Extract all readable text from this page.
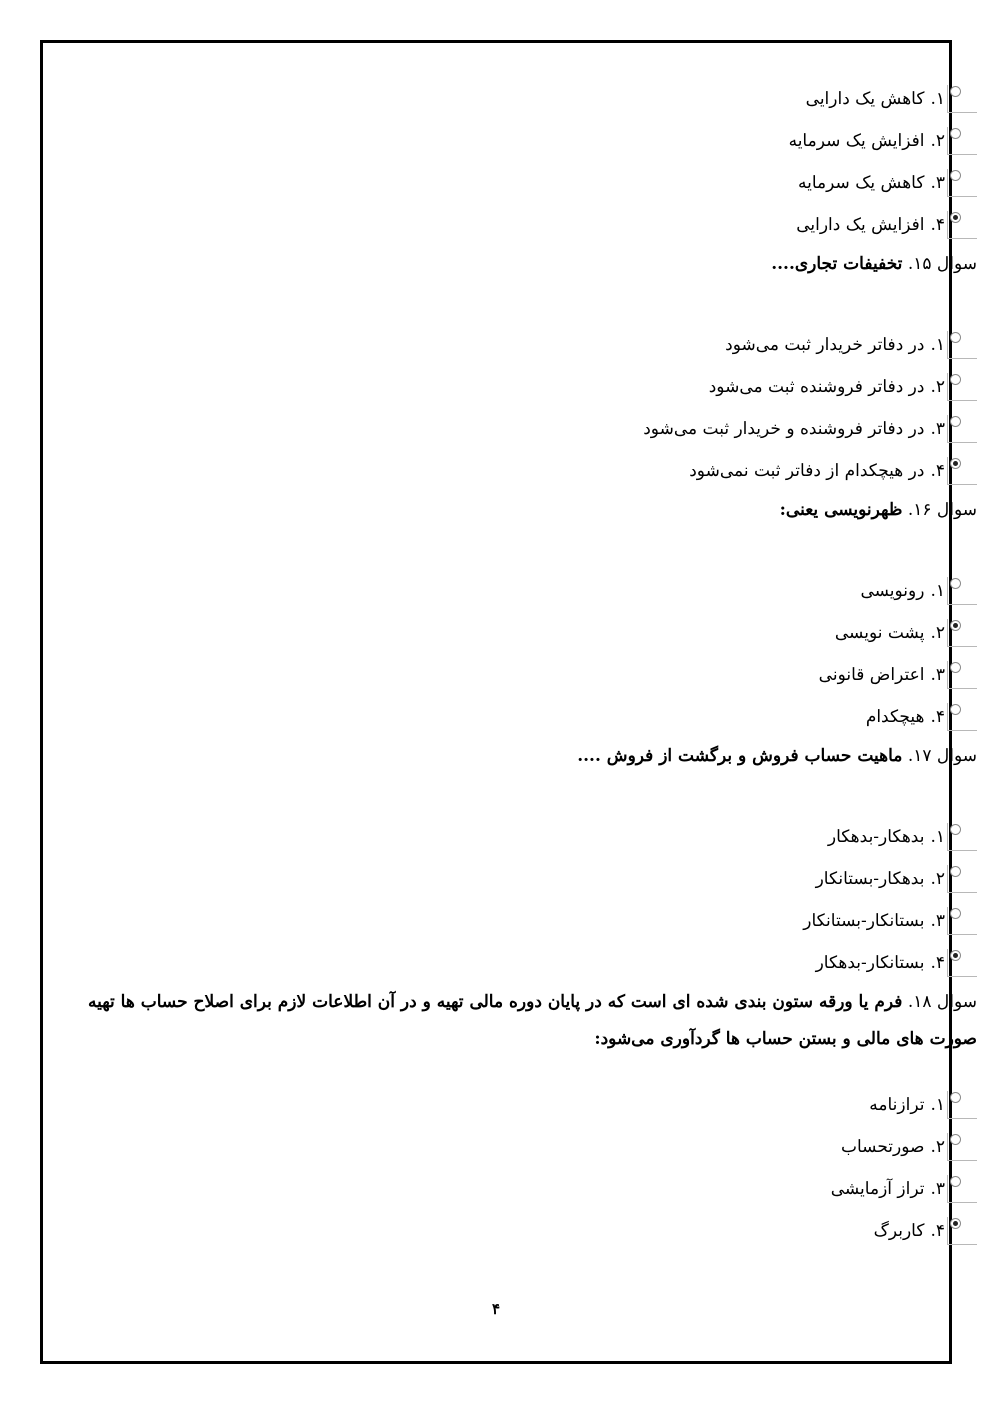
۱.
کاهش یک دارایی
۲.
افزایش یک سرمایه
۳.
کاهش یک سرمایه
۴.
افزایش یک دارایی
سوال ۱۵. تخفیفات تجاری....
۱.
در دفاتر خریدار ثبت می‌شود
۲.
در دفاتر فروشنده ثبت می‌شود
۳.
در دفاتر فروشنده و خریدار ثبت می‌شود
۴.
در هیچکدام از دفاتر ثبت نمی‌شود
سوال ۱۶. ظهرنویسی یعنی:
۱.
رونویسی
۲.
پشت نویسی
۳.
اعتراض قانونی
۴.
هیچکدام
سوال ۱۷. ماهیت حساب فروش و برگشت از فروش ....
۱.
بدهکار-بدهکار
۲.
بدهکار-بستانکار
۳.
بستانکار-بستانکار
۴.
بستانکار-بدهکار
سوال ۱۸. فرم یا ورقه ستون بندی شده ای است که در پایان دوره مالی تهیه و در آن اطلاعات لازم برای اصلاح حساب ها تهیه صورت های مالی و بستن حساب ها گردآوری می‌شود:
۱.
ترازنامه
۲.
صورتحساب
۳.
تراز آزمایشی
۴.
کاربرگ
۴
